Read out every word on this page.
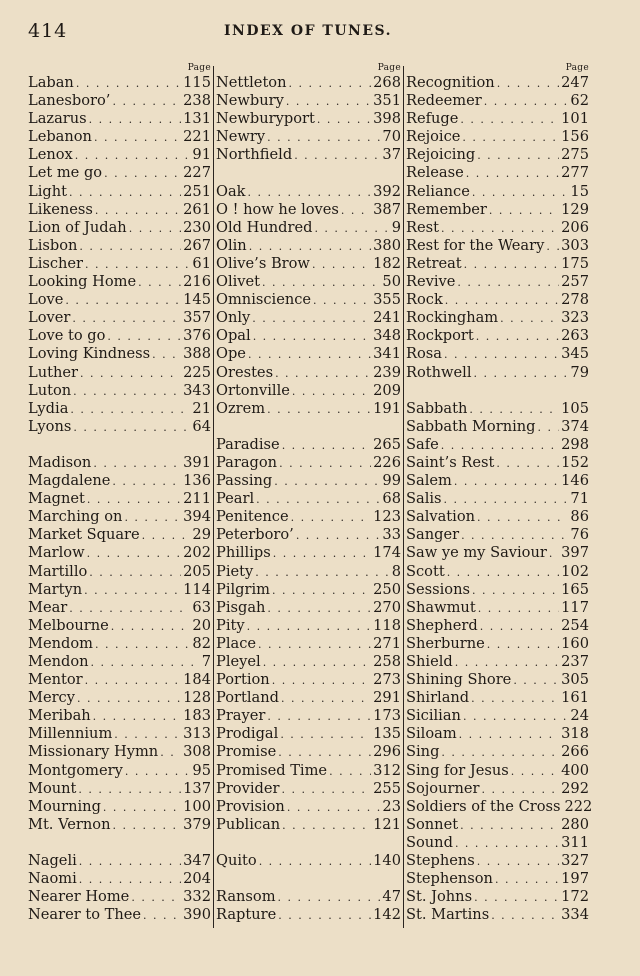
414	INDEX OF TUNES.
Page
Laban . . .	115
Lanesboro’ . . .	238
Lazarus . . .	131
Lebanon . . .	221
Lenox . . .	91
Let me go . . .	227
Light . . .	251
Likeness . . .	261
Lion of Judah . . .	230
Lisbon . . .	267
Lischer . . .	61
Looking Home . . .	216
Love . . .	145
Lover . . .	357
Love to go . . .	376
Loving Kindness . . . 388
Luther . . .	225
Luton . . .	343
Lydia . . .	21
Lyons . . .	64
Madison . . .	391
Magdalene . . .	136
Magnet . . .	211
Marching on . . .	394
Market Square . . .	29
Marlow . . .	202
Martillo . . .	205
Martyn . . .	114
Mear . . .	63
Melbourne . . .	20
Mendom . . .	82
Mendon . . .	7
Mentor . . .	184
Mercy . . .	128
Meribah . . .	183
Millennium . . .	313
Missionary Hymn . . . 308
Montgomery . . .	95
Mount . . .	137
Mourning . . .	100
Mt. Vernon . . .	379
Nageli . . .	347
Naomi . . .	204
Nearer Home . . .	332
Nearer to Thee . . .	390
Page
Nettleton . . .	268
Newbury . . .	351
Newburyport . . .	398
Newry . . .	70
Northfield . . .	37
Oak . . .	392
O ! how he loves . . . 387
Old Hundred . . .	9
Olin . . .	380
Olive’s Brow . . .	182
Olivet . . .	50
Omniscience . . .	355
Only . . .	241
Opal . . .	348
Ope . . .	341
Orestes . . .	239
Ortonville . . .	209
Ozrem . . .	191
Paradise . . .	265
Paragon . . .	226
Passing . . .	99
Pearl . . .	68
Penitence . . .	123
Peterboro’ . . .	33
Phillips . . .	174
Piety . . .	8
Pilgrim . . .	250
Pisgah . . .	270
Pity . . .	118
Place . . .	271
Pleyel . . .	258
Portion . . .	273
Portland . . .	291
Prayer . . .	173
Prodigal . . .	135
Promise . . .	296
Promised Time . . .	312
Provider . . .	255
Provision . . .	23
Publican . . .	121
Quito . . .	140
Ransom . . .	47
Rapture . . .	142
Page
Recognition . . .	247
Redeemer . . .	62
Refuge . . .	101
Rejoice . . .	156
Rejoicing . . .	275
Release . . .	277
Reliance . . .	15
Remember . . .	129
Rest . . .	206
Rest for the Weary . . . 303
Retreat . . .	175
Revive . . .	257
Rock . . .	278
Rockingham . . .	323
Rockport . . .	263
Rosa . . .	345
Rothwell . . .	79
Sabbath . . .	105
Sabbath Morning . . . 374
Safe . . .	298
Saint’s Rest . . .	152
Salem . . .	146
Salis . . .	71
Salvation . . .	86
Sanger . . .	76
Saw ye my Saviour . . . 397
Scott . . .	102
Sessions . . .	165
Shawmut . . .	117
Shepherd . . .	254
Sherburne . . .	160
Shield . . .	237
Shining Shore . . .	305
Shirland . . .	161
Sicilian . . .	24
Siloam . . .	318
Sing . . .	266
Sing for Jesus . . .	400
Sojourner . . .	292
Soldiers of the Cross 222
Sonnet . . .	280
Sound . . .	311
Stephens . . .	327
Stephenson . . .	197
St. Johns . . .	172
St. Martins . . .	334
